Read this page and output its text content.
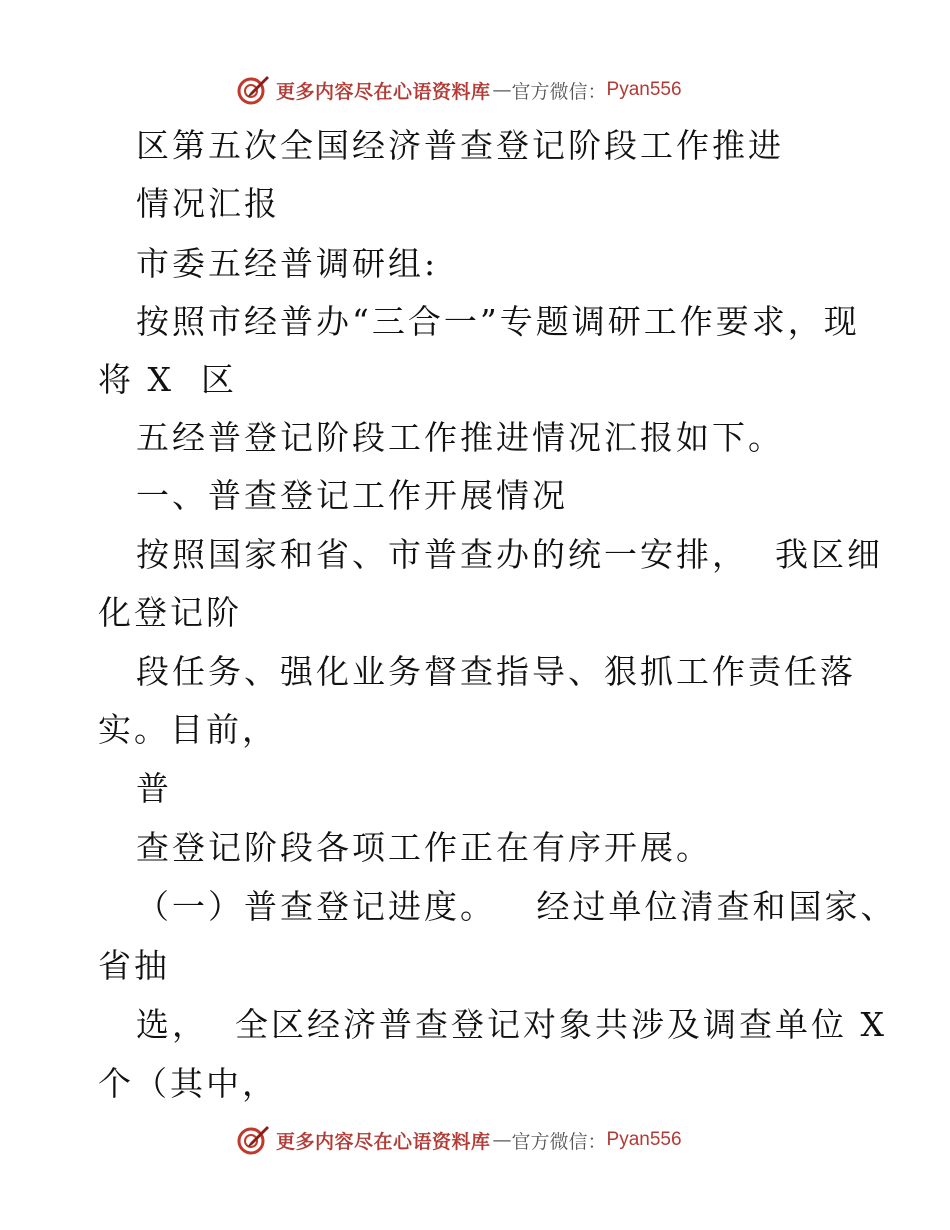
更多内容尽在心语资料库 — 官方微信： Pyan556

区第五次全国经济普查登记阶段工作推进

情况汇报

市委五经普调研组:

按照市经普办“三合一”专题调研工作要求，现

将 X  区

五经普登记阶段工作推进情况汇报如下。

一、普查登记工作开展情况

按照国家和省、市普查办的统一安排，  我区细

化登记阶

段任务、强化业务督查指导、狠抓工作责任落

实。目前，

普

查登记阶段各项工作正在有序开展。

（一）普查登记进度。   经过单位清查和国家、

省抽

选，  全区经济普查登记对象共涉及调查单位 X

个（其中，

更多内容尽在心语资料库 — 官方微信： Pyan556
